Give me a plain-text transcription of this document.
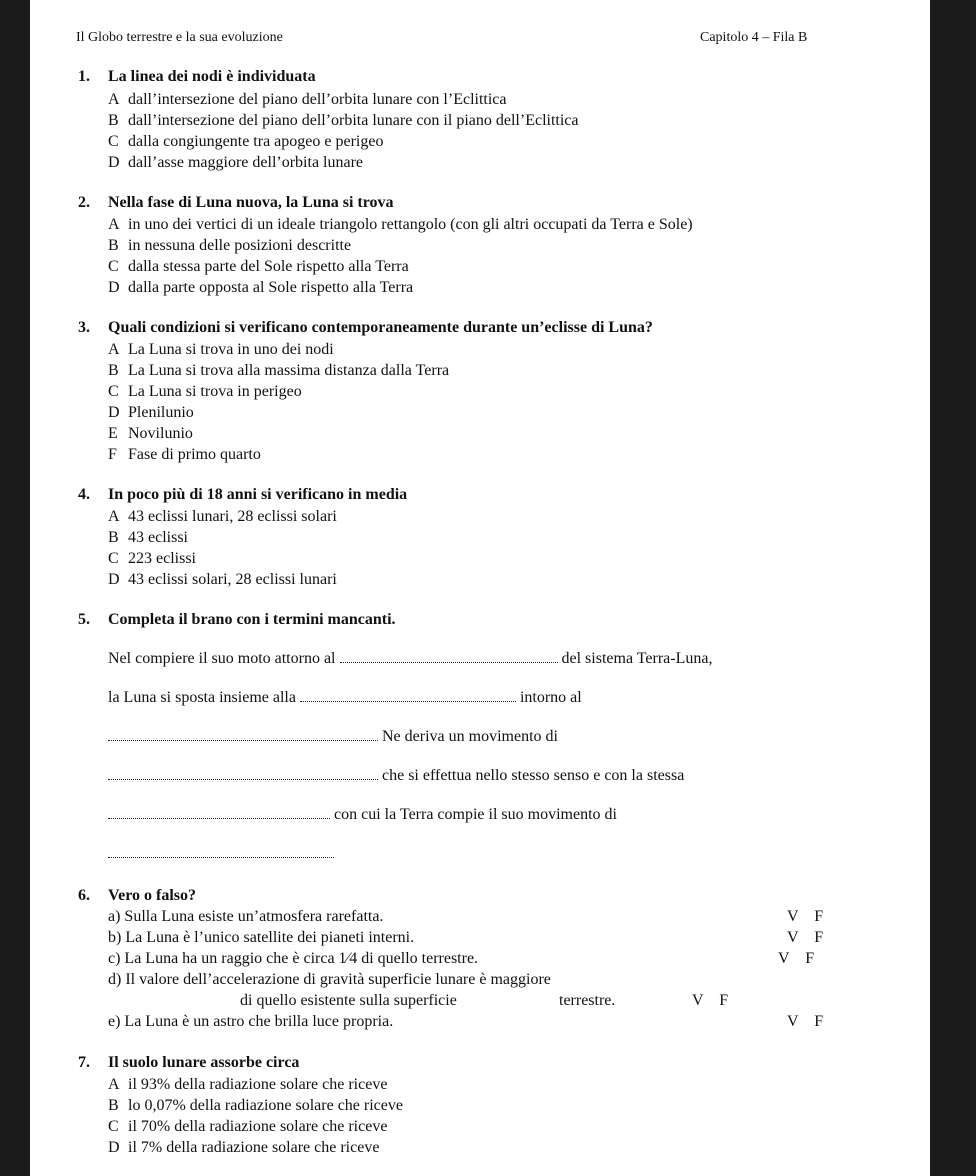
Il Globo terrestre e la sua evoluzione	Capitolo 4 – Fila B
1. La linea dei nodi è individuata
A dall’intersezione del piano dell’orbita lunare con l’Eclittica
B dall’intersezione del piano dell’orbita lunare con il piano dell’Eclittica
C dalla congiungente tra apogeo e perigeo
D dall’asse maggiore dell’orbita lunare
2. Nella fase di Luna nuova, la Luna si trova
A in uno dei vertici di un ideale triangolo rettangolo (con gli altri occupati da Terra e Sole)
B in nessuna delle posizioni descritte
C dalla stessa parte del Sole rispetto alla Terra
D dalla parte opposta al Sole rispetto alla Terra
3. Quali condizioni si verificano contemporaneamente durante un’eclisse di Luna?
A La Luna si trova in uno dei nodi
B La Luna si trova alla massima distanza dalla Terra
C La Luna si trova in perigeo
D Plenilunio
E Novilunio
F Fase di primo quarto
4. In poco più di 18 anni si verificano in media
A 43 eclissi lunari, 28 eclissi solari
B 43 eclissi
C 223 eclissi
D 43 eclissi solari, 28 eclissi lunari
5. Completa il brano con i termini mancanti.
Nel compiere il suo moto attorno al	del sistema Terra-Luna,
la Luna si sposta insieme alla	intorno al
Ne deriva un movimento di
che si effettua nello stesso senso e con la stessa
con cui la Terra compie il suo movimento di
6. Vero o falso?
a) Sulla Luna esiste un’atmosfera rarefatta.	V F
b) La Luna è l’unico satellite dei pianeti interni.	V F
c) La Luna ha un raggio che è circa 1⁄4 di quello terrestre.	V F
d) Il valore dell’accelerazione di gravità superficie lunare è maggiore
di quello esistente sulla superficie	terrestre.	V F
e) La Luna è un astro che brilla luce propria.	V F
7. Il suolo lunare assorbe circa
A il 93% della radiazione solare che riceve
B lo 0,07% della radiazione solare che riceve
C il 70% della radiazione solare che riceve
D il 7% della radiazione solare che riceve
